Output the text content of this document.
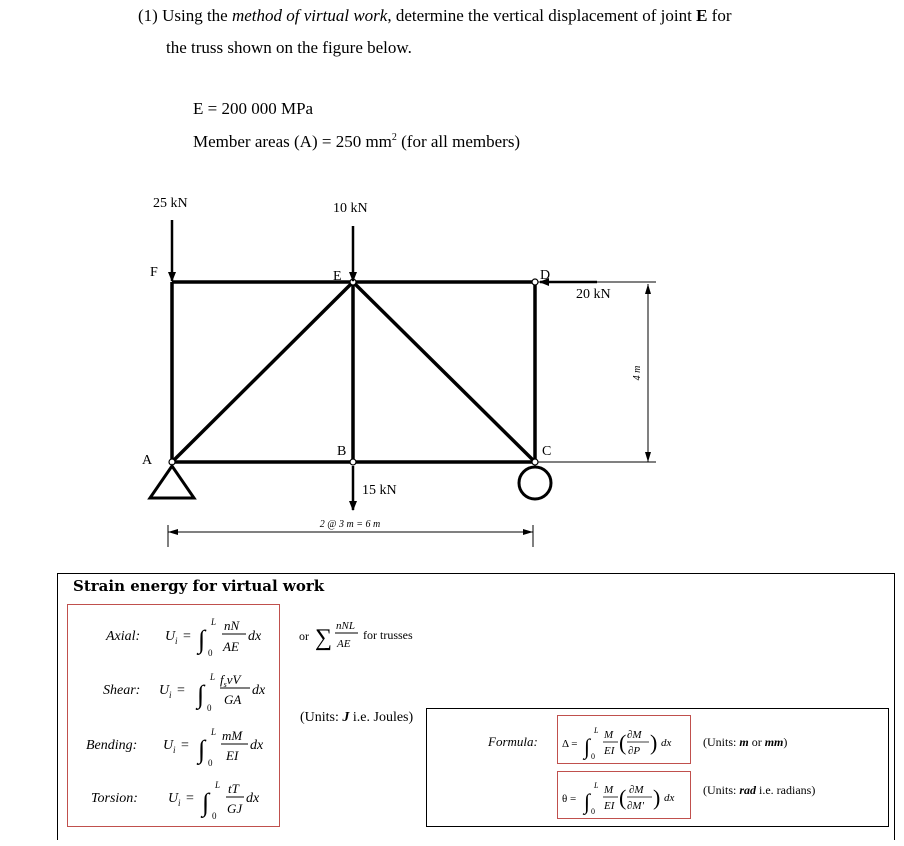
(1) Using the method of virtual work, determine the vertical displacement of joint E for
the truss shown on the figure below.
E = 200 000 MPa
Member areas (A) = 250 $mm^2$ (for all members)
25 kN	10 kN
20 kN
15 kN
F	E	D
A
B	C
2 @ 3 m = 6 m
4 m
Strain energy for virtual work
Axial: U i = ∫
L
0
nN
AE
dx	or ∑ nNL
AE
for trusses
Shear: U i = ∫
L
0
$f_svV$
GA
dx
(Units: J i.e. Joules)
Bending: U i = ∫
L
0
mM
EI
dx
Torsion: U i = ∫
L
0
tT
GJ
dx
Formula: Δ = ∫
L
0
M
EI ( ∂M
∂P ) dx
θ = ∫
L
0
M
EI ( ∂M
∂M' ) dx
(Units: m or mm)
(Units: rad i.e. radians)
